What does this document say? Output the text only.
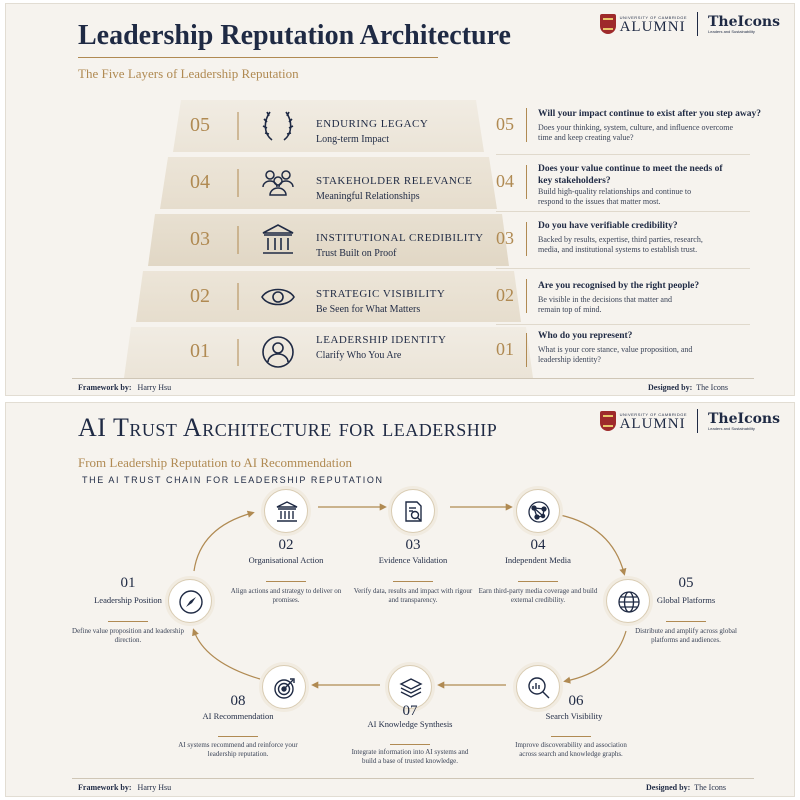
Leadership Reputation Architecture
The Five Layers of Leadership Reputation
UNIVERSITY OF CAMBRIDGE
ALUMNI TheIcons
Leaders and Sustainability
05	ENDURING LEGACY
Long-term Impact
04	STAKEHOLDER RELEVANCE
Meaningful Relationships
03	INSTITUTIONAL CREDIBILITY
Trust Built on Proof
02	STRATEGIC VISIBILITY
Be Seen for What Matters
01	LEADERSHIP IDENTITY
Clarify Who You Are
05	Will your impact continue to exist after you step away?
Does your thinking, system, culture, and influence overcome time and keep creating value?
04
Does your value continue to meet the needs of key stakeholders?
Build high-quality relationships and continue to respond to the issues that matter most.
03
Do you have verifiable credibility?
Backed by results, expertise, third parties, research, media, and institutional systems to establish trust.
02	Are you recognised by the right people?
Be visible in the decisions that matter and remain top of mind.
01
Who do you represent?
What is your core stance, value proposition, and leadership identity?
Framework by: Harry Hsu	Designed by: The Icons
AI Trust Architecture for leadership
From Leadership Reputation to AI Recommendation
THE AI TRUST CHAIN FOR LEADERSHIP REPUTATION
UNIVERSITY OF CAMBRIDGE
ALUMNI TheIcons
Leaders and Sustainability
01
Leadership Position
Define value proposition and leadership direction.
02
Organisational Action
Align actions and strategy to deliver on promises.
03
Evidence Validation
Verify data, results and impact with rigour and transparency.
04
Independent Media
Earn third-party media coverage and build external credibility.
05
Global Platforms
Distribute and amplify across global platforms and audiences.
06
Search Visibility
Improve discoverability and association across search and knowledge graphs.
07
AI Knowledge Synthesis
Integrate information into AI systems and build a base of trusted knowledge.
08
AI Recommendation
AI systems recommend and reinforce your leadership reputation.
Framework by: Harry Hsu	Designed by: The Icons
